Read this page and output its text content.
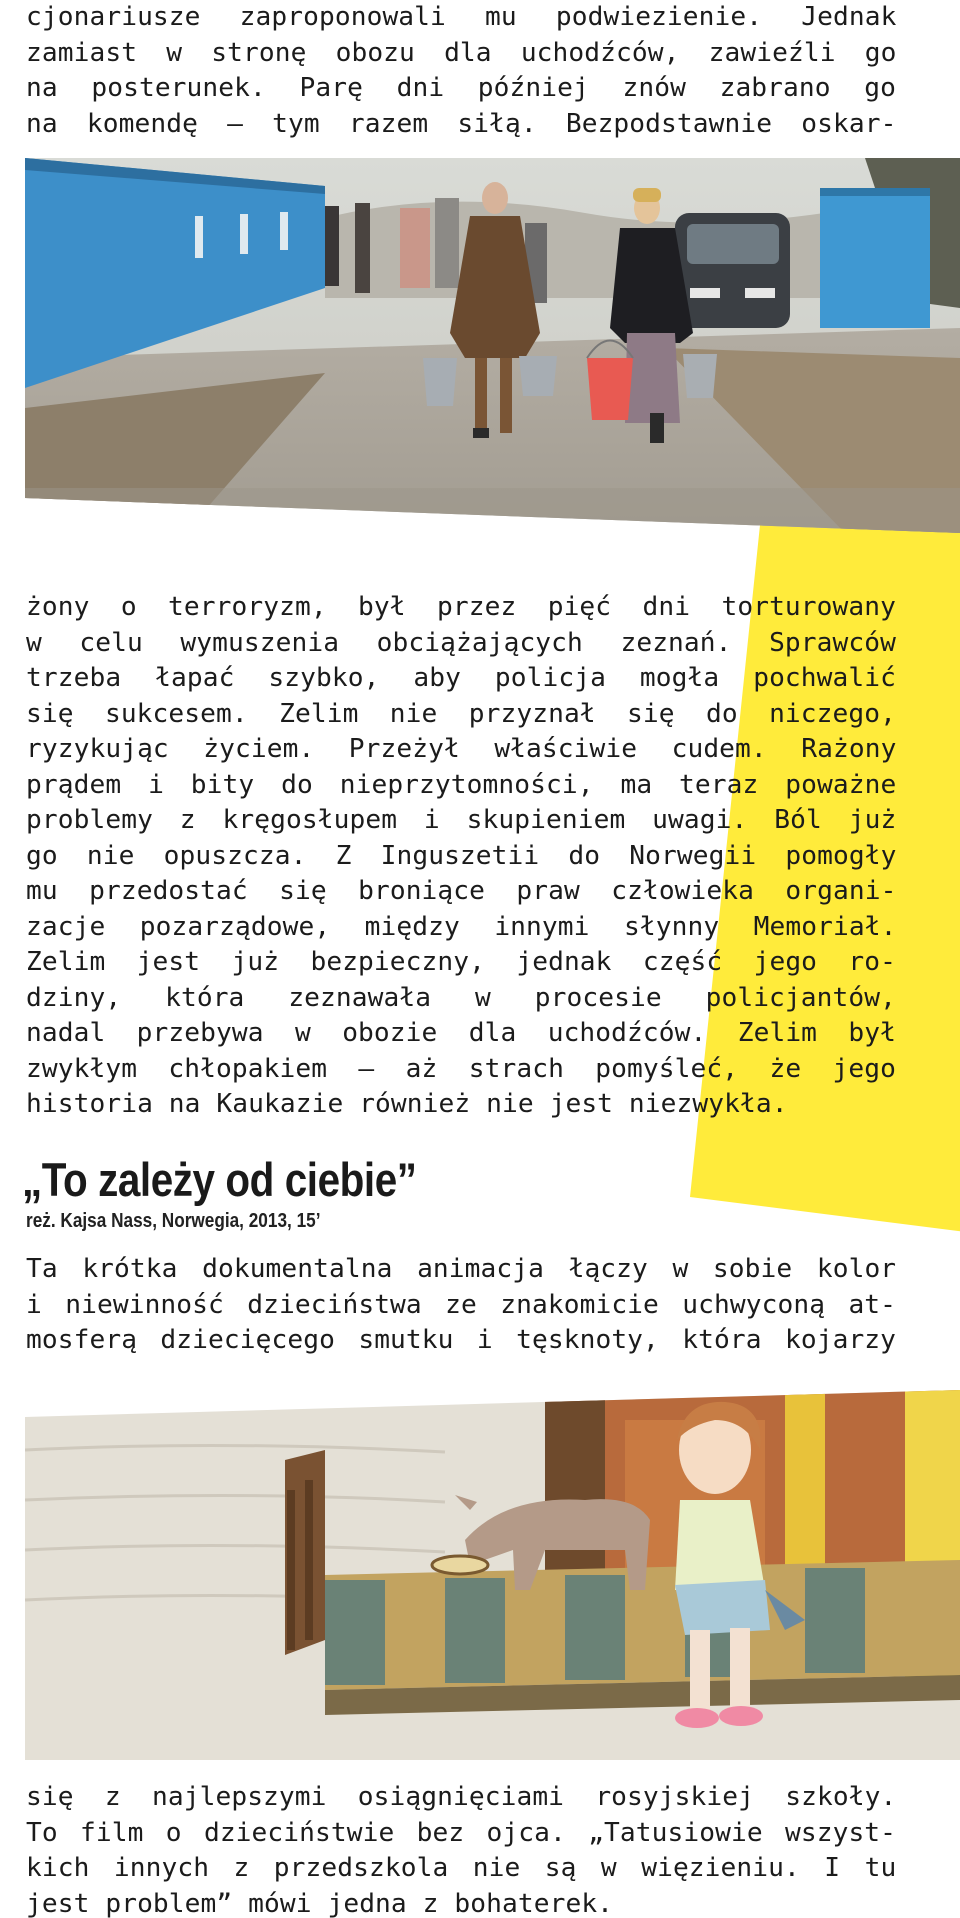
cjonariusze zaproponowali mu podwiezienie. Jednak
zamiast w stronę obozu dla uchodźców, zawieźli go
na posterunek. Parę dni później znów zabrano go
na komendę – tym razem siłą. Bezpodstawnie oskar-
żony o terroryzm, był przez pięć dni torturowany
w celu wymuszenia obciążających zeznań. Sprawców
trzeba łapać szybko, aby policja mogła pochwalić
się sukcesem. Zelim nie przyznał się do niczego,
ryzykując życiem. Przeżył właściwie cudem. Rażony
prądem i bity do nieprzytomności, ma teraz poważne
problemy z kręgosłupem i skupieniem uwagi. Ból już
go nie opuszcza. Z Inguszetii do Norwegii pomogły
mu przedostać się broniące praw człowieka organi-
zacje pozarządowe, między innymi słynny Memoriał.
Zelim jest już bezpieczny, jednak część jego ro-
dziny, która zeznawała w procesie policjantów,
nadal przebywa w obozie dla uchodźców. Zelim był
zwykłym chłopakiem – aż strach pomyśleć, że jego
historia na Kaukazie również nie jest niezwykła.
„To zależy od ciebie”
reż. Kajsa Nass, Norwegia, 2013, 15’
Ta krótka dokumentalna animacja łączy w sobie kolor
i niewinność dzieciństwa ze znakomicie uchwyconą at-
mosferą dziecięcego smutku i tęsknoty, która kojarzy
się z najlepszymi osiągnięciami rosyjskiej szkoły.
To film o dzieciństwie bez ojca. „Tatusiowie wszyst-
kich innych z przedszkola nie są w więzieniu. I tu
jest problem” mówi jedna z bohaterek.
